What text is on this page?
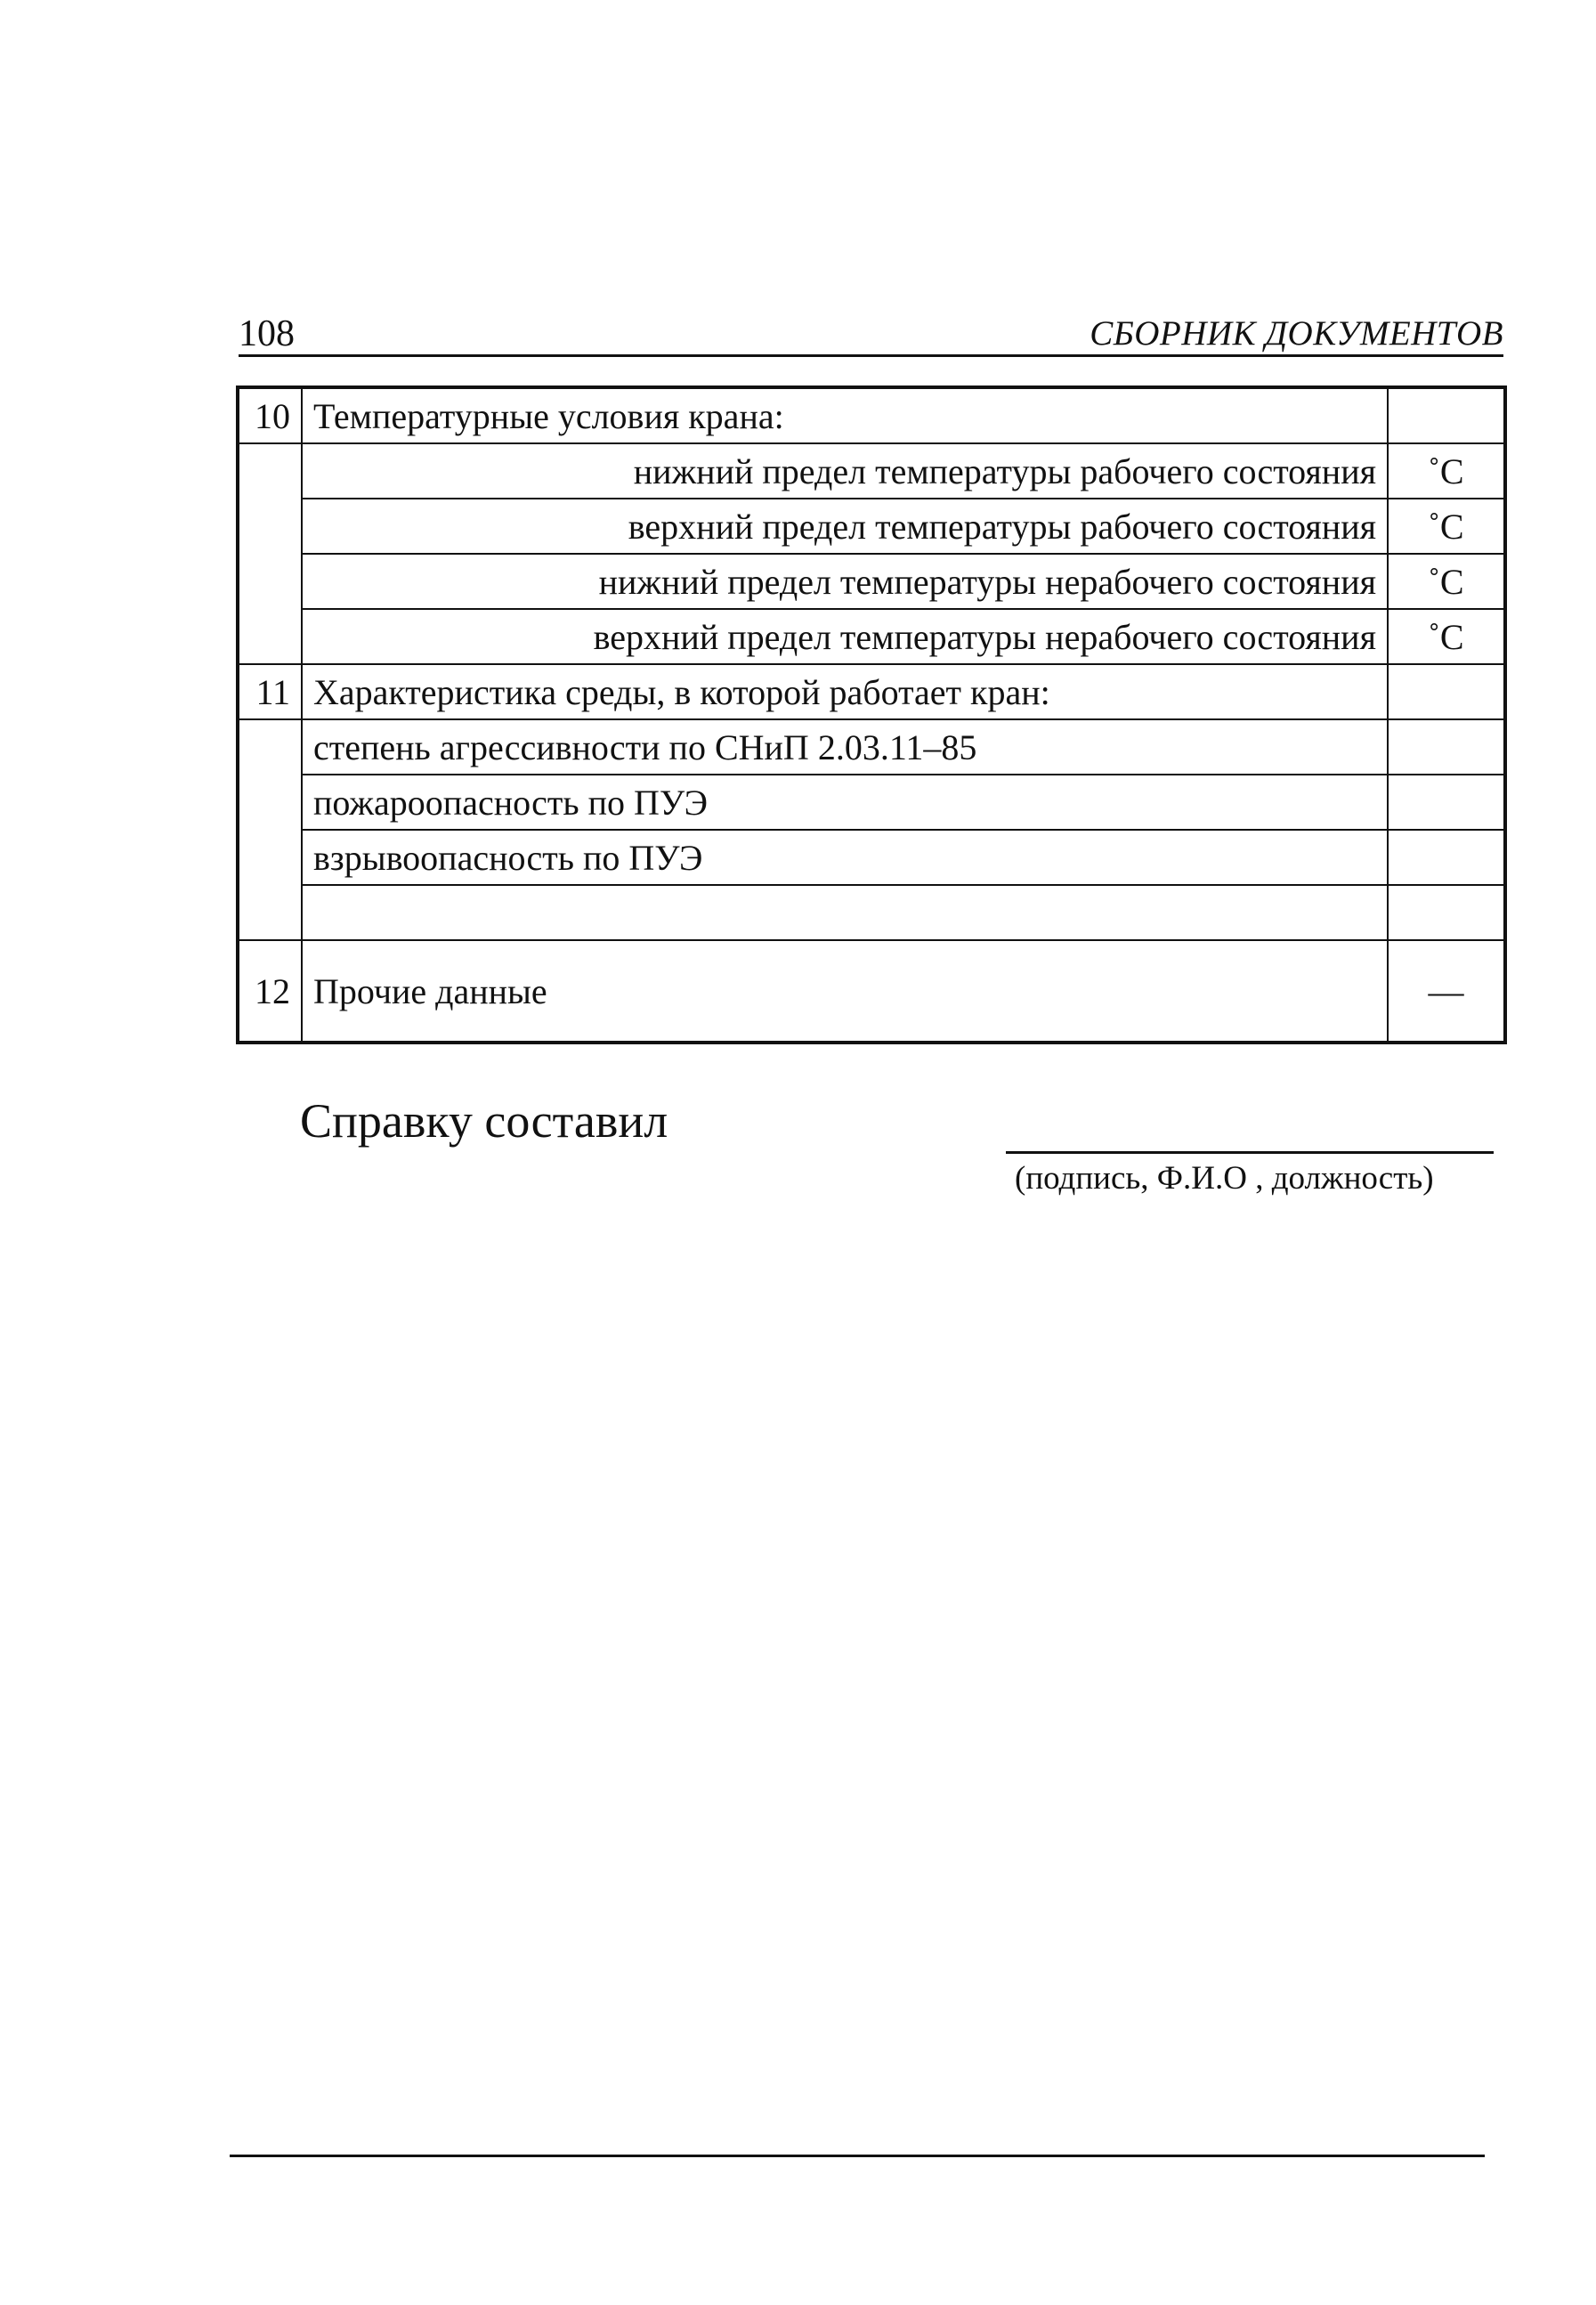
108	СБОРНИК ДОКУМЕНТОВ
10	Температурные условия крана:	
	нижний предел температуры рабочего состояния	˚С
	верхний предел температуры рабочего состояния	˚С
	нижний предел температуры нерабочего состояния	˚С
	верхний предел температуры нерабочего состояния	˚С
11	Характеристика среды, в которой работает кран:	
	степень агрессивности по СНиП 2.03.11–85	
	пожароопасность по ПУЭ	
	взрывоопасность по ПУЭ	

12	Прочие данные	—
Справку составил
(подпись, Ф.И.О , должность)
